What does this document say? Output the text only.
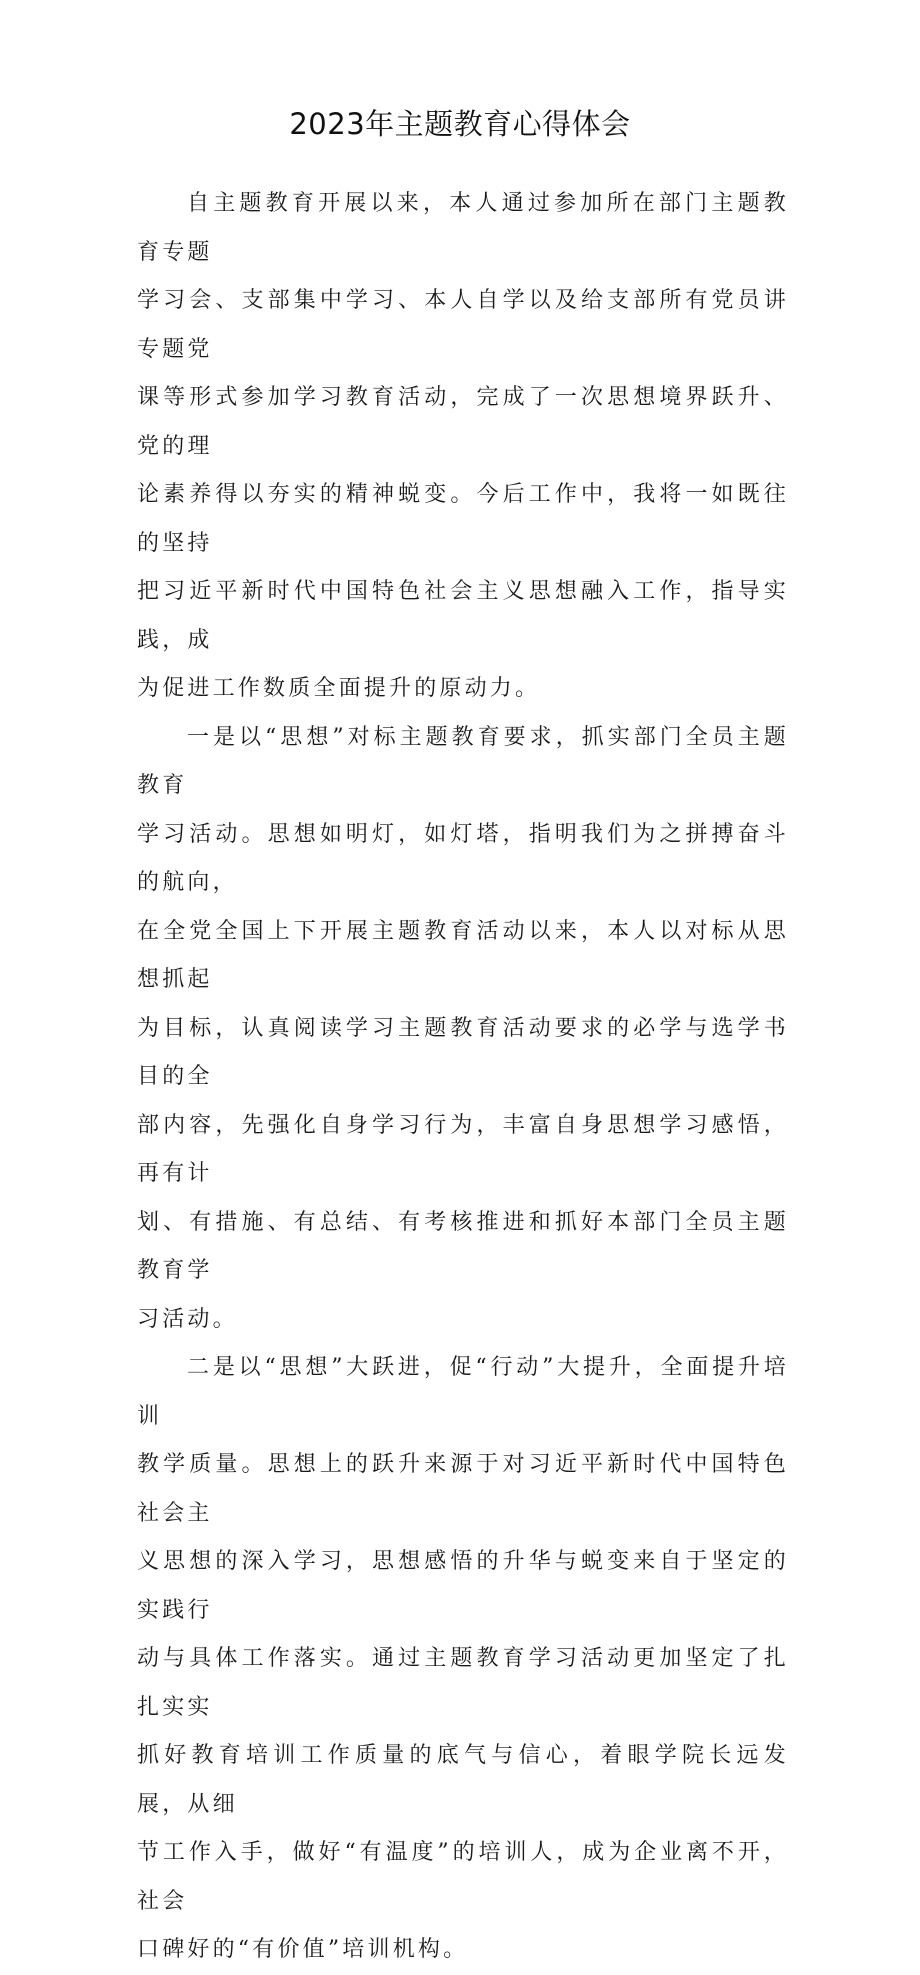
2023年主题教育心得体会

自主题教育开展以来，本人通过参加所在部门主题教育专题
学习会、支部集中学习、本人自学以及给支部所有党员讲专题党
课等形式参加学习教育活动，完成了一次思想境界跃升、党的理
论素养得以夯实的精神蜕变。今后工作中，我将一如既往的坚持
把习近平新时代中国特色社会主义思想融入工作，指导实践，成
为促进工作数质全面提升的原动力。

一是以“思想”对标主题教育要求，抓实部门全员主题教育
学习活动。思想如明灯，如灯塔，指明我们为之拼搏奋斗的航向，
在全党全国上下开展主题教育活动以来，本人以对标从思想抓起
为目标，认真阅读学习主题教育活动要求的必学与选学书目的全
部内容，先强化自身学习行为，丰富自身思想学习感悟，再有计
划、有措施、有总结、有考核推进和抓好本部门全员主题教育学
习活动。

二是以“思想”大跃进，促“行动”大提升，全面提升培训
教学质量。思想上的跃升来源于对习近平新时代中国特色社会主
义思想的深入学习，思想感悟的升华与蜕变来自于坚定的实践行
动与具体工作落实。通过主题教育学习活动更加坚定了扎扎实实
抓好教育培训工作质量的底气与信心，着眼学院长远发展，从细
节工作入手，做好“有温度”的培训人，成为企业离不开，社会
口碑好的“有价值”培训机构。
